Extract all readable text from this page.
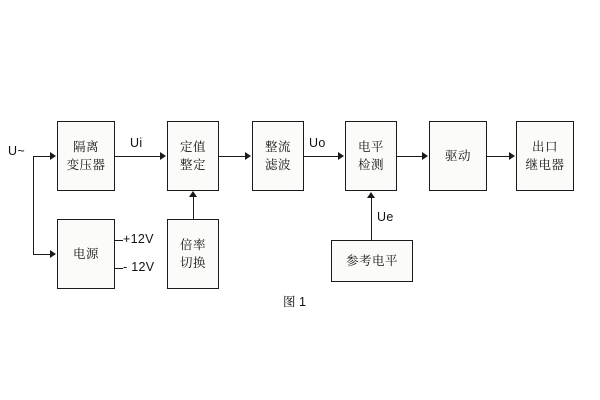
隔离
变压器
定值
整定
整流
滤波
电平
检测
驱动
出口
继电器
电源
倍率
切换	参考电平
U~
Ui	Uo
Ue
+12V
- 12V
图 1
